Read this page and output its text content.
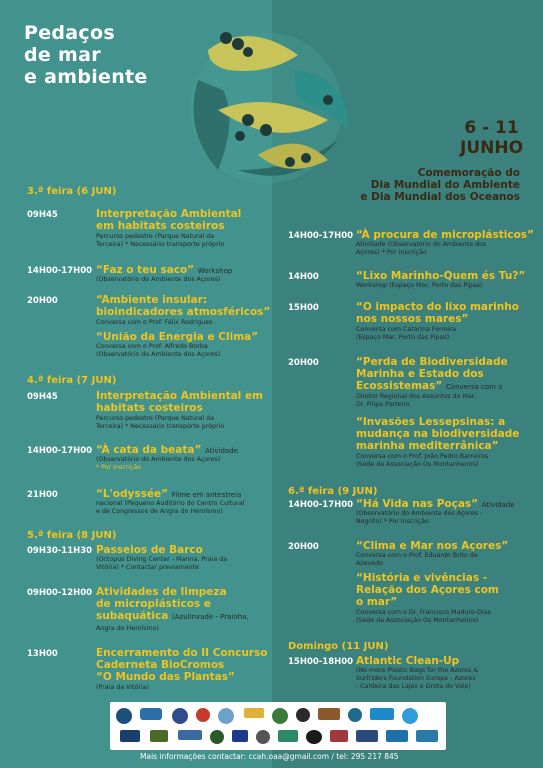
Pedaços
de mar
e ambiente
6 - 11
JUNHO
Comemoração do
Dia Mundial do Ambiente
e Dia Mundial dos Oceanos
3.ª feira (6 JUN)
09H45	Interpretação Ambiental
em habitats costeiros
Percurso pedestre (Parque Natural da
Terceira) * Necessário transporte próprio
14H00-17H00 “Faz o teu saco” Workshop
(Observatório do Ambiente dos Açores)
20H00	“Ambiente insular:
bioindicadores atmosféricos”
Conversa com o Prof. Félix Rodrigues
“União da Energia e Clima”
Conversa com o Prof. Alfredo Borba
(Observatório do Ambiente dos Açores)
4.ª feira (7 JUN)
09H45	Interpretação Ambiental em
habitats costeiros
Percurso pedestre (Parque Natural da
Terceira) * Necessário transporte próprio
14H00-17H00 “À cata da beata” Atividade
(Observatório do Ambiente dos Açores)
* Por inscrição
21H00	“L'odyssée” Filme em antestreia
nacional (Pequeno Auditório do Centro Cultural
e de Congressos de Angra do Heroísmo)
5.ª feira (8 JUN)
09H30-11H30 Passeios de Barco
(Octopus Diving Center - Marina, Praia da
Vitória) * Contactar previamente
09H00-12H00 Atividades de limpeza
de microplásticos e
subaquática (Azulinvade - Prainha,
Angra do Heroísmo)
13H00	Encerramento do II Concurso
Caderneta BioCromos
“O Mundo das Plantas”
(Praia da Vitória)
14H00-17H00 “À procura de microplásticos”
Atividade (Observatório do Ambiente dos
Açores) * Por inscrição
14H00	“Lixo Marinho-Quem és Tu?”
Workshop (Espaço Mar, Porto das Pipas)
15H00	“O impacto do lixo marinho
nos nossos mares”
Conversa com Catarina Ferreira
(Espaço Mar, Porto das Pipas)
20H00	“Perda de Biodiversidade
Marinha e Estado dos
Ecossistemas” Conversa com o
Diretor Regional dos Assuntos do Mar,
Dr. Filipe Porteiro
“Invasões Lessepsinas: a
mudança na biodiversidade
marinha mediterrânica”
Conversa com o Prof. João Pedro Barreiros
(Sede da Associação Os Montanheiros)
6.ª feira (9 JUN)
14H00-17H00 “Há Vida nas Poças” Atividade
(Observatório do Ambiente dos Açores -
Negrito) * Por inscrição
20H00	“Clima e Mar nos Açores”
Conversa com o Prof. Eduardo Brito de
Azevedo
“História e vivências -
Relação dos Açores com
o mar”
Conversa com o Dr. Francisco Maduro-Dias
(Sede da Associação Os Montanheiros)
Domingo (11 JUN)
15H00-18H00 Atlantic Clean-Up
(No more Plastic Bags for the Azores &
Surfriders Foundation Europe - Azores
- Caldeira das Lajes e Grota do Vale)
Mais informações contactar: ccah.oaa@gmail.com / tel: 295 217 845
